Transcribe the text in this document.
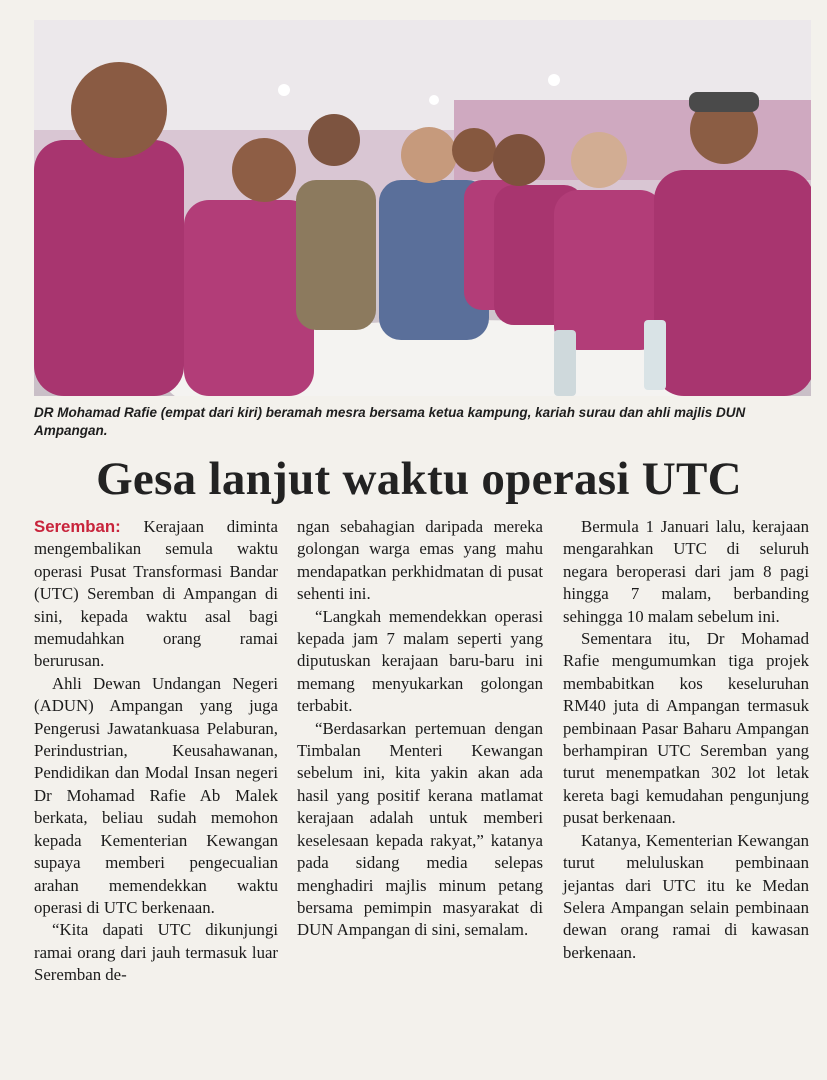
DR Mohamad Rafie (empat dari kiri) beramah mesra bersama ketua kampung, kariah surau dan ahli majlis DUN Ampangan.

Gesa lanjut waktu operasi UTC

Seremban: Kerajaan diminta mengembalikan semula waktu operasi Pusat Transformasi Bandar (UTC) Seremban di Ampangan di sini, kepada waktu asal bagi memudahkan orang ramai berurusan.

Ahli Dewan Undangan Negeri (ADUN) Ampangan yang juga Pengerusi Jawatankuasa Pelaburan, Perindustrian, Keusahawanan, Pendidikan dan Modal Insan negeri Dr Mohamad Rafie Ab Malek berkata, beliau sudah memohon kepada Kementerian Kewangan supaya memberi pengecualian arahan memendekkan waktu operasi di UTC berkenaan.

“Kita dapati UTC dikunjungi ramai orang dari jauh termasuk luar Seremban de-

ngan sebahagian daripada mereka golongan warga emas yang mahu mendapatkan perkhidmatan di pusat sehenti ini.

“Langkah memendekkan operasi kepada jam 7 malam seperti yang diputuskan kerajaan baru-baru ini memang menyukarkan golongan terbabit.

“Berdasarkan pertemuan dengan Timbalan Menteri Kewangan sebelum ini, kita yakin akan ada hasil yang positif kerana matlamat kerajaan adalah untuk memberi keselesaan kepada rakyat,” katanya pada sidang media selepas menghadiri majlis minum petang bersama pemimpin masyarakat di DUN Ampangan di sini, semalam.

Bermula 1 Januari lalu, kerajaan mengarahkan UTC di seluruh negara beroperasi dari jam 8 pagi hingga 7 malam, berbanding sehingga 10 malam sebelum ini.

Sementara itu, Dr Mohamad Rafie mengumumkan tiga projek membabitkan kos keseluruhan RM40 juta di Ampangan termasuk pembinaan Pasar Baharu Ampangan berhampiran UTC Seremban yang turut menempatkan 302 lot letak kereta bagi kemudahan pengunjung pusat berkenaan.

Katanya, Kementerian Kewangan turut meluluskan pembinaan jejantas dari UTC itu ke Medan Selera Ampangan selain pembinaan dewan orang ramai di kawasan berkenaan.
